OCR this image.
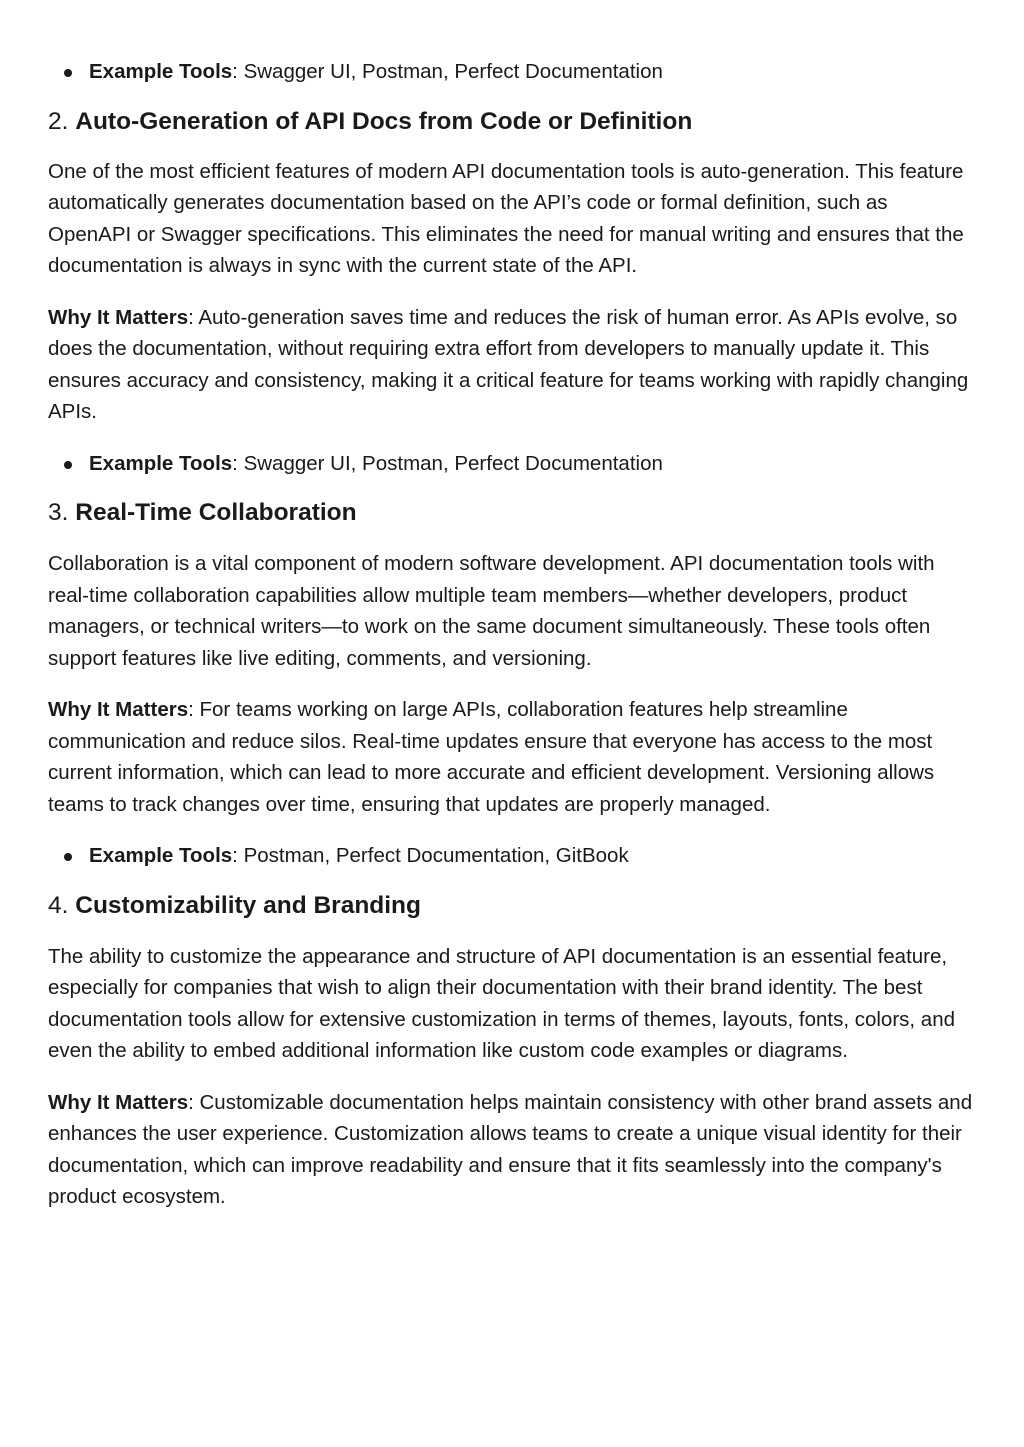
Example Tools: Swagger UI, Postman, Perfect Documentation
2. Auto-Generation of API Docs from Code or Definition
One of the most efficient features of modern API documentation tools is auto-generation. This feature automatically generates documentation based on the API’s code or formal definition, such as OpenAPI or Swagger specifications. This eliminates the need for manual writing and ensures that the documentation is always in sync with the current state of the API.
Why It Matters: Auto-generation saves time and reduces the risk of human error. As APIs evolve, so does the documentation, without requiring extra effort from developers to manually update it. This ensures accuracy and consistency, making it a critical feature for teams working with rapidly changing APIs.
Example Tools: Swagger UI, Postman, Perfect Documentation
3. Real-Time Collaboration
Collaboration is a vital component of modern software development. API documentation tools with real-time collaboration capabilities allow multiple team members—whether developers, product managers, or technical writers—to work on the same document simultaneously. These tools often support features like live editing, comments, and versioning.
Why It Matters: For teams working on large APIs, collaboration features help streamline communication and reduce silos. Real-time updates ensure that everyone has access to the most current information, which can lead to more accurate and efficient development. Versioning allows teams to track changes over time, ensuring that updates are properly managed.
Example Tools: Postman, Perfect Documentation, GitBook
4. Customizability and Branding
The ability to customize the appearance and structure of API documentation is an essential feature, especially for companies that wish to align their documentation with their brand identity. The best documentation tools allow for extensive customization in terms of themes, layouts, fonts, colors, and even the ability to embed additional information like custom code examples or diagrams.
Why It Matters: Customizable documentation helps maintain consistency with other brand assets and enhances the user experience. Customization allows teams to create a unique visual identity for their documentation, which can improve readability and ensure that it fits seamlessly into the company's product ecosystem.
